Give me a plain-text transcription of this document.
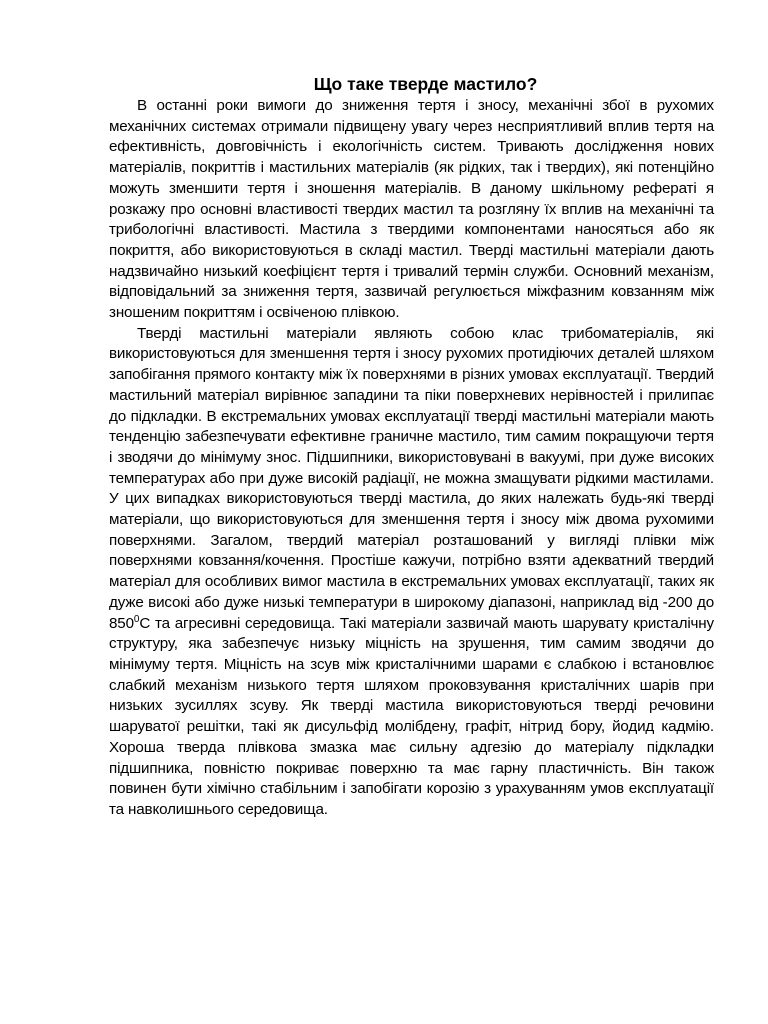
Що таке тверде мастило?

В останні роки вимоги до зниження тертя і зносу, механічні збої в рухомих механічних системах отримали підвищену увагу через несприятливий вплив тертя на ефективність, довговічність і екологічність систем. Тривають дослідження нових матеріалів, покриттів і мастильних матеріалів (як рідких, так і твердих), які потенційно можуть зменшити тертя і зношення матеріалів. В даному шкільному рефераті я розкажу про основні властивості твердих мастил та розгляну їх вплив на механічні та трибологічні властивості. Мастила з твердими компонентами наносяться або як покриття, або використовуються в складі мастил. Тверді мастильні матеріали дають надзвичайно низький коефіцієнт тертя і тривалий термін служби. Основний механізм, відповідальний за зниження тертя, зазвичай регулюється міжфазним ковзанням між зношеним покриттям і освіченою плівкою.

Тверді мастильні матеріали являють собою клас трибоматеріалів, які використовуються для зменшення тертя і зносу рухомих протидіючих деталей шляхом запобігання прямого контакту між їх поверхнями в різних умовах експлуатації. Твердий мастильний матеріал вирівнює западини та піки поверхневих нерівностей і прилипає до підкладки. В екстремальних умовах експлуатації тверді мастильні матеріали мають тенденцію забезпечувати ефективне граничне мастило, тим самим покращуючи тертя і зводячи до мінімуму знос. Підшипники, використовувані в вакуумі, при дуже високих температурах або при дуже високій радіації, не можна змащувати рідкими мастилами. У цих випадках використовуються тверді мастила, до яких належать будь-які тверді матеріали, що використовуються для зменшення тертя і зносу між двома рухомими поверхнями. Загалом, твердий матеріал розташований у вигляді плівки між поверхнями ковзання/кочення. Простіше кажучи, потрібно взяти адекватний твердий матеріал для особливих вимог мастила в екстремальних умовах експлуатації, таких як дуже високі або дуже низькі температури в широкому діапазоні, наприклад від -200 до $850^0С$ та агресивні середовища. Такі матеріали зазвичай мають шарувату кристалічну структуру, яка забезпечує низьку міцність на зрушення, тим самим зводячи до мінімуму тертя. Міцність на зсув між кристалічними шарами є слабкою і встановлює слабкий механізм низького тертя шляхом проковзування кристалічних шарів при низьких зусиллях зсуву. Як тверді мастила використовуються тверді речовини шаруватої решітки, такі як дисульфід молібдену, графіт, нітрид бору, йодид кадмію. Хороша тверда плівкова змазка має сильну адгезію до матеріалу підкладки підшипника, повністю покриває поверхню та має гарну пластичність. Він також повинен бути хімічно стабільним і запобігати корозію з урахуванням умов експлуатації та навколишнього середовища.
